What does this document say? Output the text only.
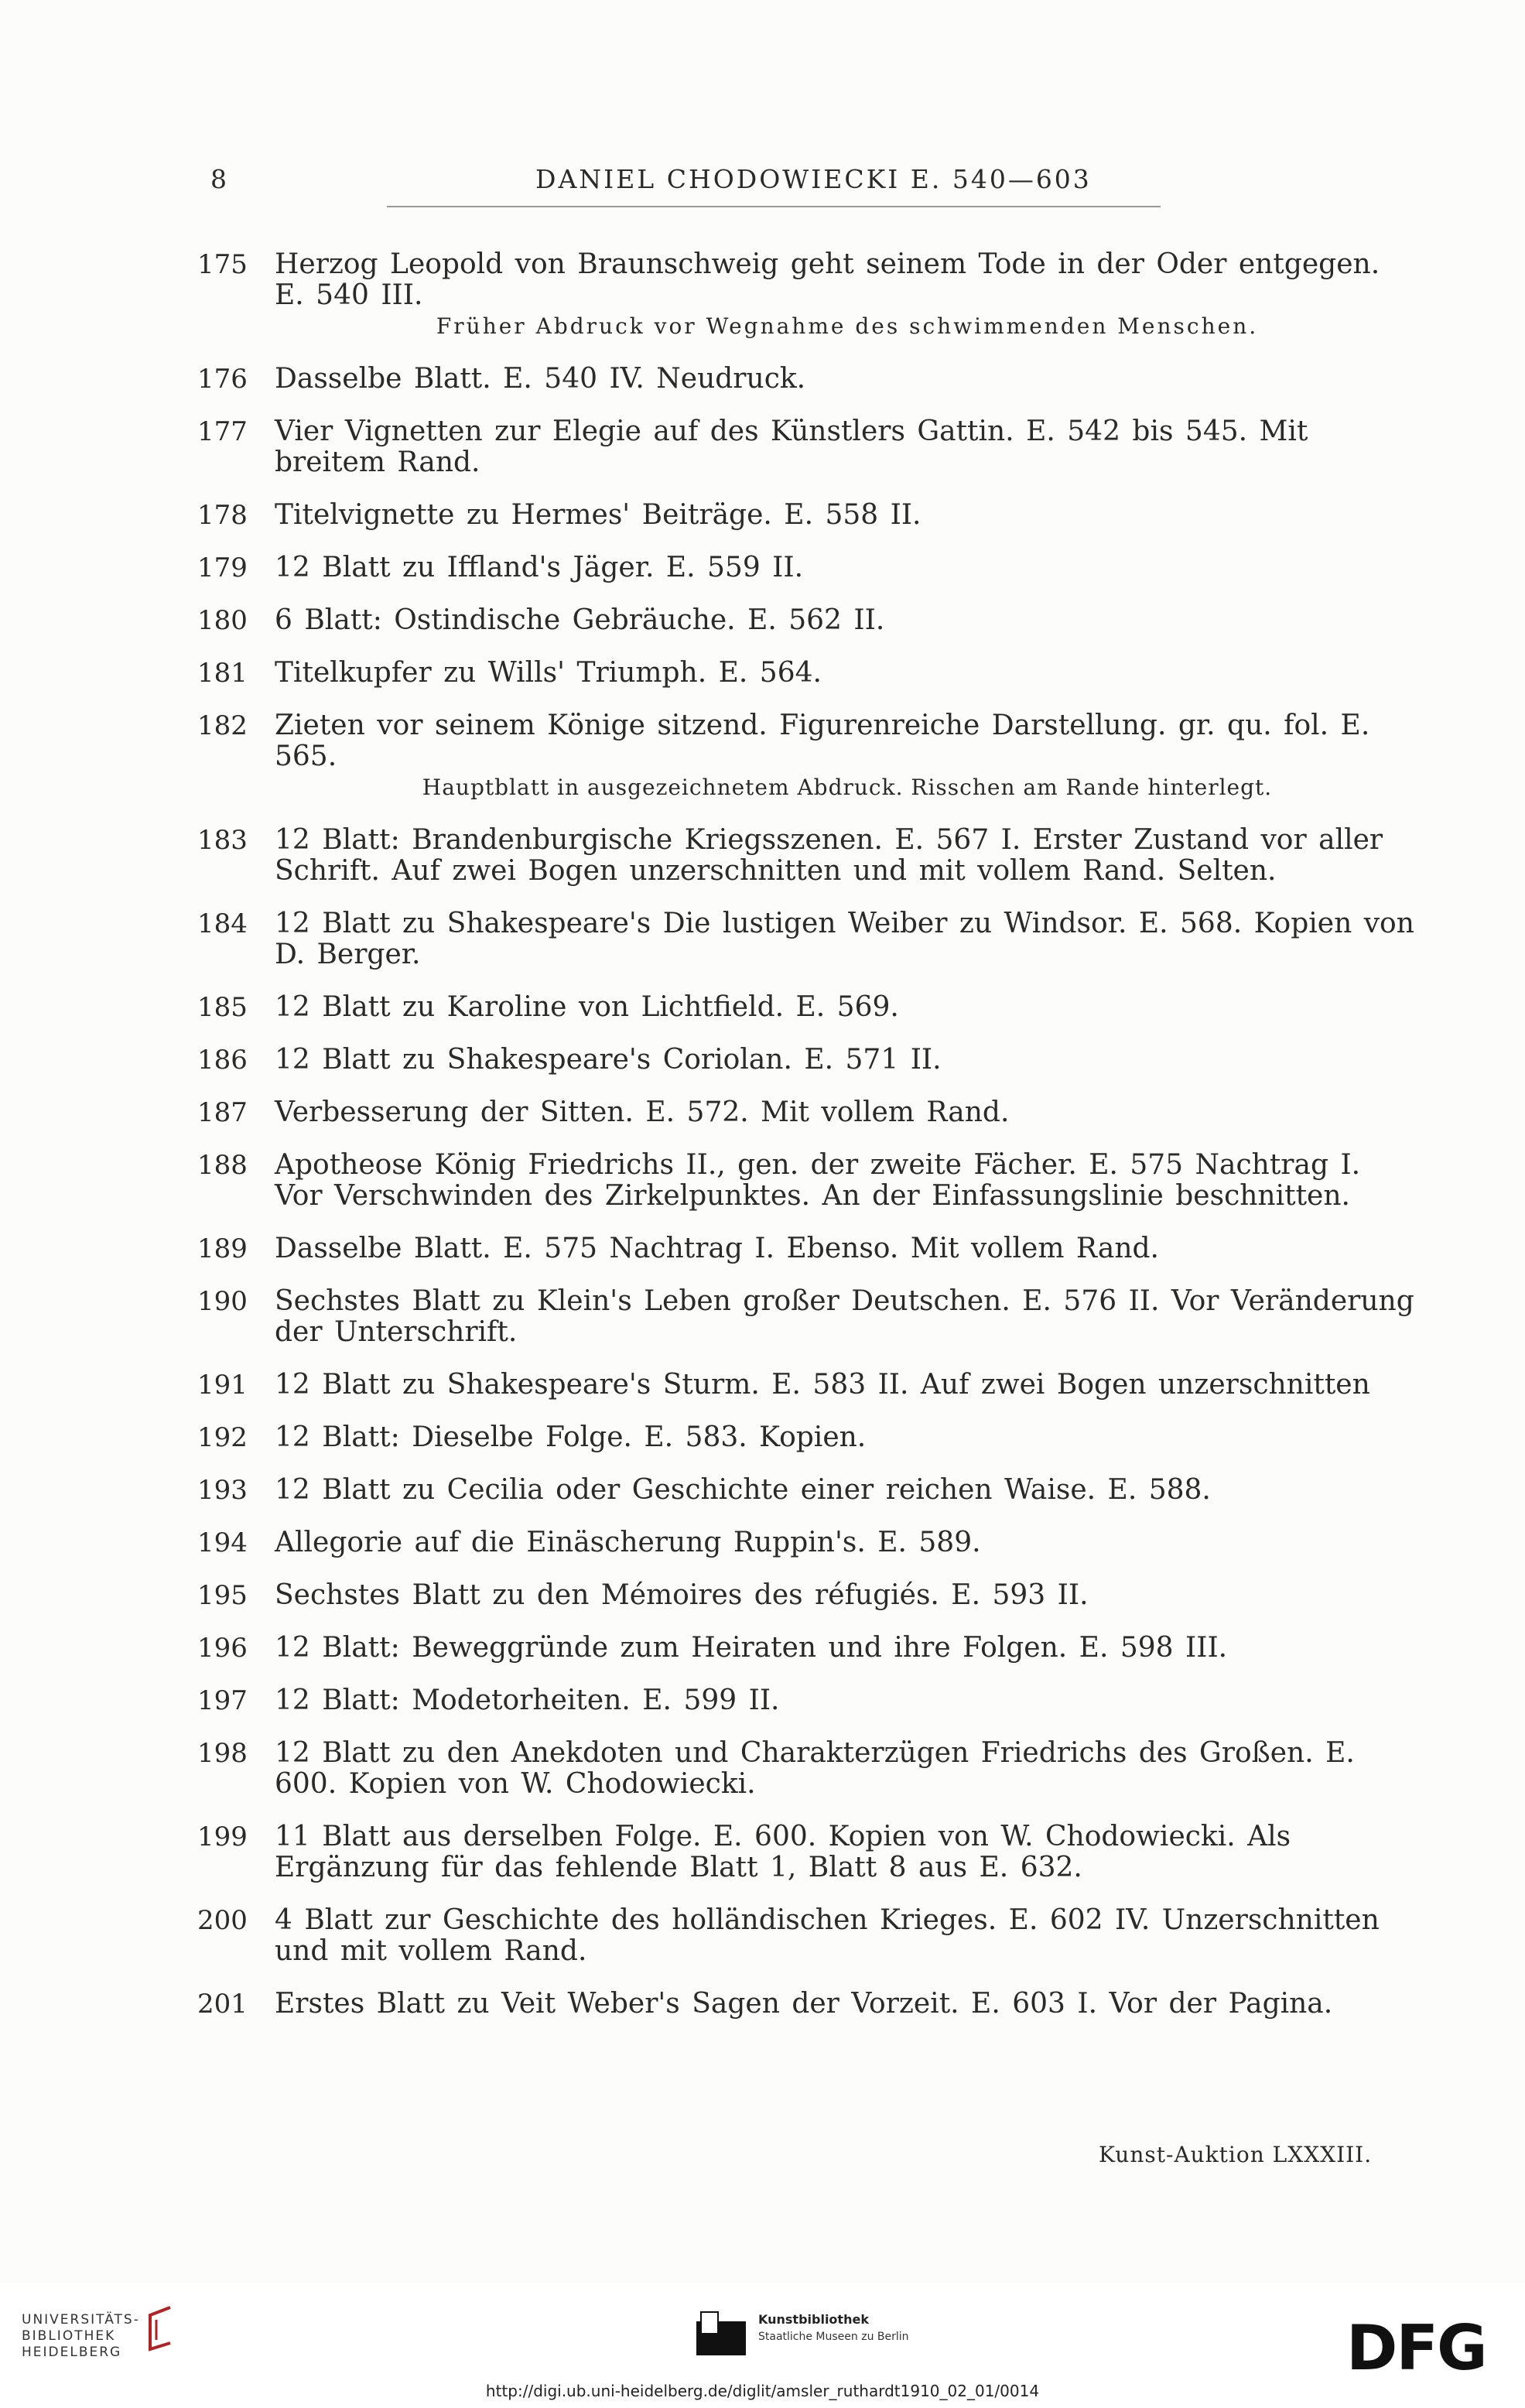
8	DANIEL CHODOWIECKI E. 540—603
175 Herzog Leopold von Braunschweig geht seinem Tode in der Oder entgegen. E. 540 III.
Früher Abdruck vor Wegnahme des schwimmenden Menschen.
176 Dasselbe Blatt. E. 540 IV. Neudruck.
177 Vier Vignetten zur Elegie auf des Künstlers Gattin. E. 542 bis 545. Mit breitem Rand.
178 Titelvignette zu Hermes' Beiträge. E. 558 II.
179 12 Blatt zu Iffland's Jäger. E. 559 II.
180 6 Blatt: Ostindische Gebräuche. E. 562 II.
181 Titelkupfer zu Wills' Triumph. E. 564.
182 Zieten vor seinem Könige sitzend. Figurenreiche Darstellung. gr. qu. fol. E. 565.
Hauptblatt in ausgezeichnetem Abdruck. Risschen am Rande hinterlegt.
183 12 Blatt: Brandenburgische Kriegsszenen. E. 567 I. Erster Zustand vor aller Schrift. Auf zwei Bogen unzerschnitten und mit vollem Rand. Selten.
184 12 Blatt zu Shakespeare's Die lustigen Weiber zu Windsor. E. 568. Kopien von D. Berger.
185 12 Blatt zu Karoline von Lichtfield. E. 569.
186 12 Blatt zu Shakespeare's Coriolan. E. 571 II.
187 Verbesserung der Sitten. E. 572. Mit vollem Rand.
188 Apotheose König Friedrichs II., gen. der zweite Fächer. E. 575 Nachtrag I. Vor Verschwinden des Zirkelpunktes. An der Einfassungslinie beschnitten.
189 Dasselbe Blatt. E. 575 Nachtrag I. Ebenso. Mit vollem Rand.
190 Sechstes Blatt zu Klein's Leben großer Deutschen. E. 576 II. Vor Veränderung der Unterschrift.
191 12 Blatt zu Shakespeare's Sturm. E. 583 II. Auf zwei Bogen unzerschnitten
192 12 Blatt: Dieselbe Folge. E. 583. Kopien.
193 12 Blatt zu Cecilia oder Geschichte einer reichen Waise. E. 588.
194 Allegorie auf die Einäscherung Ruppin's. E. 589.
195 Sechstes Blatt zu den Mémoires des réfugiés. E. 593 II.
196 12 Blatt: Beweggründe zum Heiraten und ihre Folgen. E. 598 III.
197 12 Blatt: Modetorheiten. E. 599 II.
198 12 Blatt zu den Anekdoten und Charakterzügen Friedrichs des Großen. E. 600. Kopien von W. Chodowiecki.
199 11 Blatt aus derselben Folge. E. 600. Kopien von W. Chodowiecki. Als Ergänzung für das fehlende Blatt 1, Blatt 8 aus E. 632.
200 4 Blatt zur Geschichte des holländischen Krieges. E. 602 IV. Unzerschnitten und mit vollem Rand.
201 Erstes Blatt zu Veit Weber's Sagen der Vorzeit. E. 603 I. Vor der Pagina.
Kunst-Auktion LXXXIII.
UNIVERSITÄTS-
BIBLIOTHEK
HEIDELBERG
Kunstbibliothek
Staatliche Museen zu Berlin	DFG
http://digi.ub.uni-heidelberg.de/diglit/amsler_ruthardt1910_02_01/0014
